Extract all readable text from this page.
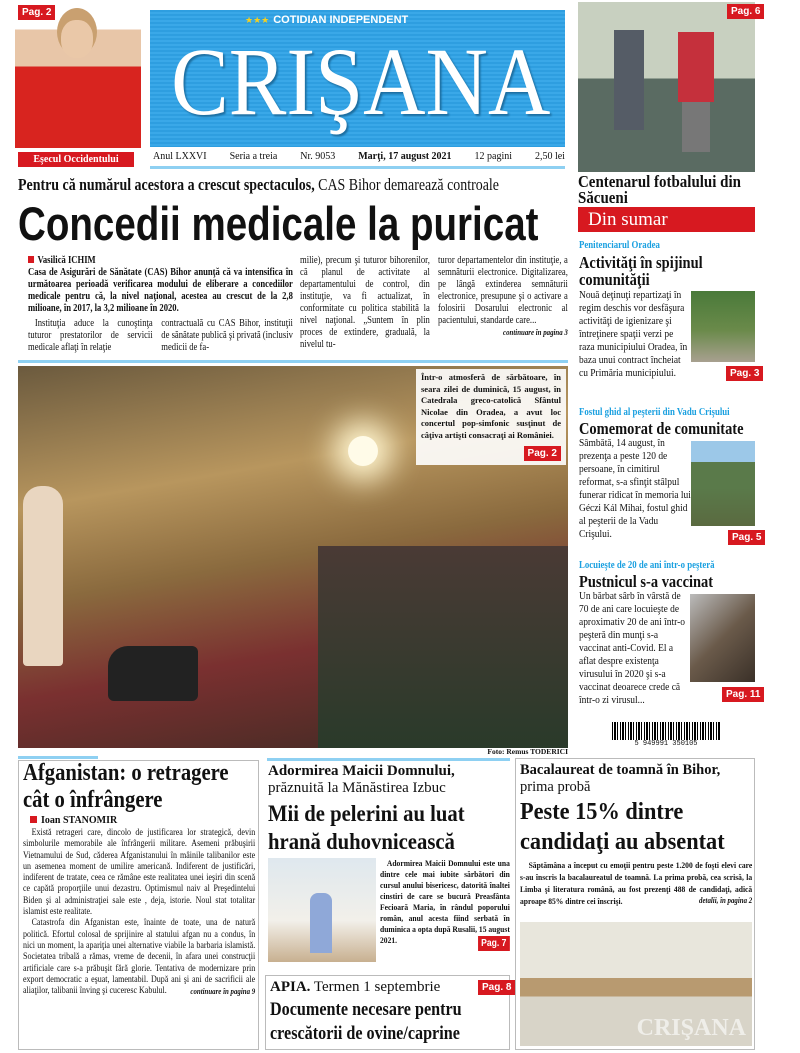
Pag. 2
Eşecul Occidentului
★★★ COTIDIAN INDEPENDENT
CRIŞANA
Anul LXXVI Seria a treia Nr. 9053 Marţi, 17 august 2021 12 pagini 2,50 lei
Pag. 6
Centenarul fotbalului din Săcueni
Pentru că numărul acestora a crescut spectaculos, CAS Bihor demarează controale
Concedii medicale la puricat
Vasilică ICHIM
Casa de Asigurări de Sănătate (CAS) Bihor anunţă că va intensifica în următoarea perioadă verificarea modului de eliberare a concediilor medicale pentru că, la nivel naţional, acestea au crescut de la 2,8 milioane, în 2017, la 3,2 milioane în 2020.
Instituţia aduce la cunoştinţa tuturor prestatorilor de servicii medicale aflaţi în relaţie
contractuală cu CAS Bihor, instituţii de sănătate publică şi privată (inclusiv medicii de fa-
milie), precum şi tuturor bihorenilor, că planul de activitate al departamentului de control, din instituţie, va fi actualizat, în conformitate cu politica stabilită la nivel naţional. „Suntem în plin proces de extindere, graduală, la nivelul tu-
turor departamentelor din instituţie, a semnăturii electronice. Digitalizarea, pe lângă extinderea semnăturii electronice, presupune şi o activare a folosirii Dosarului electronic al pacientului, standarde care...
continuare în pagina 3
Într-o atmosferă de sărbătoare, în seara zilei de duminică, 15 august, în Catedrala greco-catolică Sfântul Nicolae din Oradea, a avut loc concertul pop-simfonic susţinut de câţiva artişti consacraţi ai României.
Pag. 2
Foto: Remus TODERICI
Din sumar
Penitenciarul Oradea
Activităţi în spijinul comunităţii
Nouă deţinuţi repartizaţi în regim deschis vor desfăşura activităţi de igienizare şi întreţinere spaţii verzi pe raza municipiului Oradea, în baza unui contract încheiat cu Primăria municipiului.	Pag. 3
Fostul ghid al peşterii din Vadu Crişului
Comemorat de comunitate
Sâmbătă, 14 august, în prezenţa a peste 120 de persoane, în cimitirul reformat, s-a sfinţit stâlpul funerar ridicat în memoria lui Géczi Kál Mihai, fostul ghid al peşterii de la Vadu Crişului.	Pag. 5
Locuieşte de 20 de ani într-o peşteră
Pustnicul s-a vaccinat
Un bărbat sârb în vârstă de 70 de ani care locuieşte de aproximativ 20 de ani într-o peşteră din munţi s-a vaccinat anti-Covid. El a aflat despre existenţa virusului în 2020 şi s-a vaccinat deoarece crede că într-o zi virusul...	Pag. 11
5 949991 350105
Afganistan: o retragere cât o înfrângere
Ioan STANOMIR
Există retrageri care, dincolo de justificarea lor strategică, devin simbolurile memorabile ale înfrângerii militare. Asemeni prăbuşirii Vietnamului de Sud, căderea Afganistanului în mâinile talibanilor este un asemenea moment de umilire americană. Indiferent de justificări, indiferent de tratate, ceea ce rămâne este realitatea unei ieşiri din scenă ce capătă proporţiile unui dezastru. Optimismul naiv al Preşedintelui Biden şi al administraţiei sale este , deja, istorie. Noul stat totalitar islamist este realitate.
Catastrofa din Afganistan este, înainte de toate, una de natură politică. Efortul colosal de sprijinire al statului afgan nu a condus, în nici un moment, la apariţia unei alternative viabile la barbaria islamistă. Societatea tribală a rămas, vreme de decenii, în afara unei construcţii artificiale care s-a prăbuşit fără glorie. Tentativa de modernizare prin export democratic a eşuat, lamentabil. După ani şi ani de sacrificii ale aliaţilor, talibanii înving şi cuceresc Kabulul.	continuare în pagina 9
Adormirea Maicii Domnului,
prăznuită la Mănăstirea Izbuc
Mii de pelerini au luat hrană duhovnicească
Adormirea Maicii Domnului este una dintre cele mai iubite sărbători din cursul anului bisericesc, datorită înaltei cinstiri de care se bucură Preasfânta Fecioară Maria, în rândul poporului român, anul acesta fiind serbată în duminica a opta după Rusalii, 15 august 2021.	Pag. 7
APIA. Termen 1 septembrie	Pag. 8
Documente necesare pentru crescătorii de ovine/caprine
Bacalaureat de toamnă în Bihor,
prima probă
Peste 15% dintre candidaţi au absentat
Săptămâna a început cu emoţii pentru peste 1.200 de foşti elevi care s-au înscris la bacalaureatul de toamnă. La prima probă, cea scrisă, la Limba şi literatura română, au fost prezenţi 488 de candidaţi, adică aproape 85% dintre cei înscrişi.	detalii, în pagina 2
CRIŞANA
